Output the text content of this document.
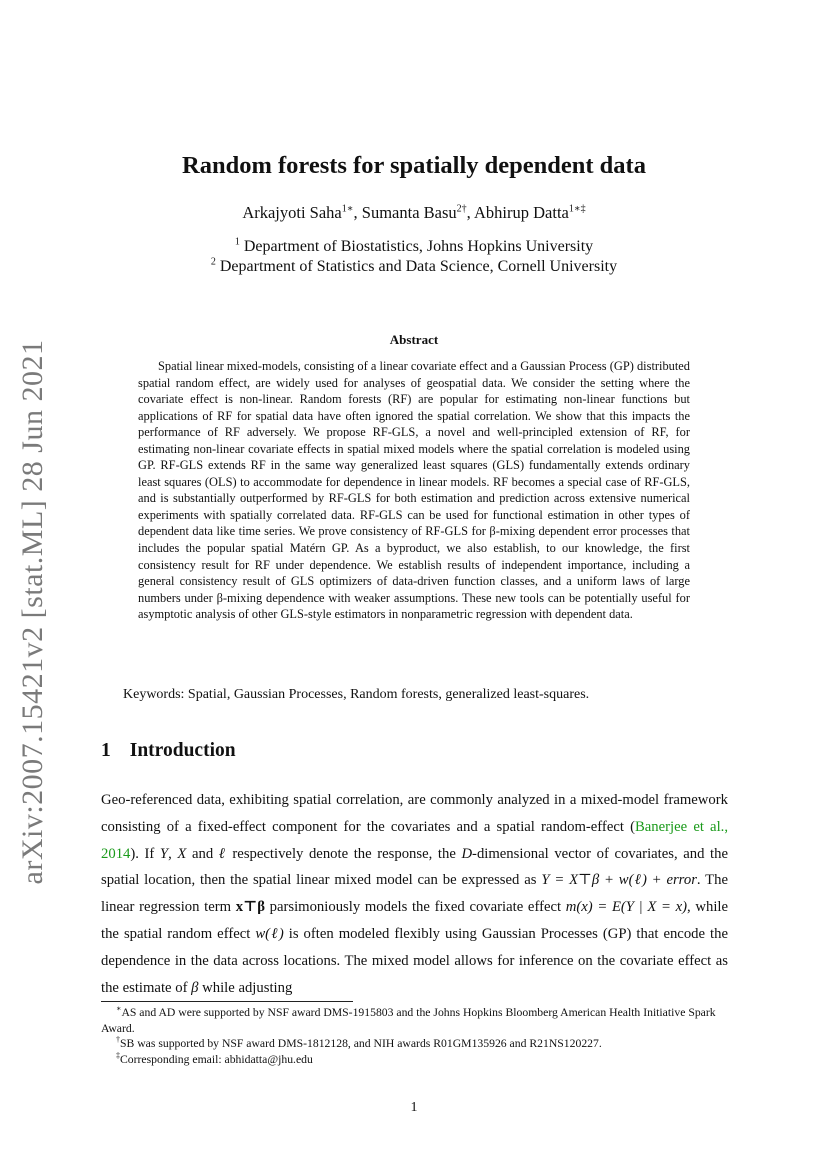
arXiv:2007.15421v2 [stat.ML] 28 Jun 2021
Random forests for spatially dependent data
Arkajyoti Saha$^{1∗}$, Sumanta Basu$^{2\dagger}$, Abhirup Datta$^{1∗\ddagger}$
$^1$ Department of Biostatistics, Johns Hopkins University
$^2$ Department of Statistics and Data Science, Cornell University
Abstract

Spatial linear mixed-models, consisting of a linear covariate effect and a Gaussian Process (GP) distributed spatial random effect, are widely used for analyses of geospatial data. We consider the setting where the covariate effect is non-linear. Random forests (RF) are popular for estimating non-linear functions but applications of RF for spatial data have often ignored the spatial correlation. We show that this impacts the performance of RF adversely. We propose RF-GLS, a novel and well-principled extension of RF, for estimating non-linear covariate effects in spatial mixed models where the spatial correlation is modeled using GP. RF-GLS extends RF in the same way generalized least squares (GLS) fundamentally extends ordinary least squares (OLS) to accommodate for dependence in linear models. RF becomes a special case of RF-GLS, and is substantially outperformed by RF-GLS for both estimation and prediction across extensive numerical experiments with spatially correlated data. RF-GLS can be used for functional estimation in other types of dependent data like time series. We prove consistency of RF-GLS for β-mixing dependent error processes that includes the popular spatial Matérn GP. As a byproduct, we also establish, to our knowledge, the first consistency result for RF under dependence. We establish results of independent importance, including a general consistency result of GLS optimizers of data-driven function classes, and a uniform laws of large numbers under β-mixing dependence with weaker assumptions. These new tools can be potentially useful for asymptotic analysis of other GLS-style estimators in nonparametric regression with dependent data.

Keywords: Spatial, Gaussian Processes, Random forests, generalized least-squares.
1 Introduction

Geo-referenced data, exhibiting spatial correlation, are commonly analyzed in a mixed-model framework consisting of a fixed-effect component for the covariates and a spatial random-effect (Banerjee et al., 2014). If Y, X and ℓ respectively denote the response, the D-dimensional vector of covariates, and the spatial location, then the spatial linear mixed model can be expressed as Y = X⊤β + w(ℓ) + error. The linear regression term x⊤β parsimoniously models the fixed covariate effect m(x) = E(Y | X = x), while the spatial random effect w(ℓ) is often modeled flexibly using Gaussian Processes (GP) that encode the dependence in the data across locations. The mixed model allows for inference on the covariate effect as the estimate of β while adjusting

∗AS and AD were supported by NSF award DMS-1915803 and the Johns Hopkins Bloomberg American Health Initiative Spark Award.

†SB was supported by NSF award DMS-1812128, and NIH awards R01GM135926 and R21NS120227.

‡Corresponding email: abhidatta@jhu.edu

1
